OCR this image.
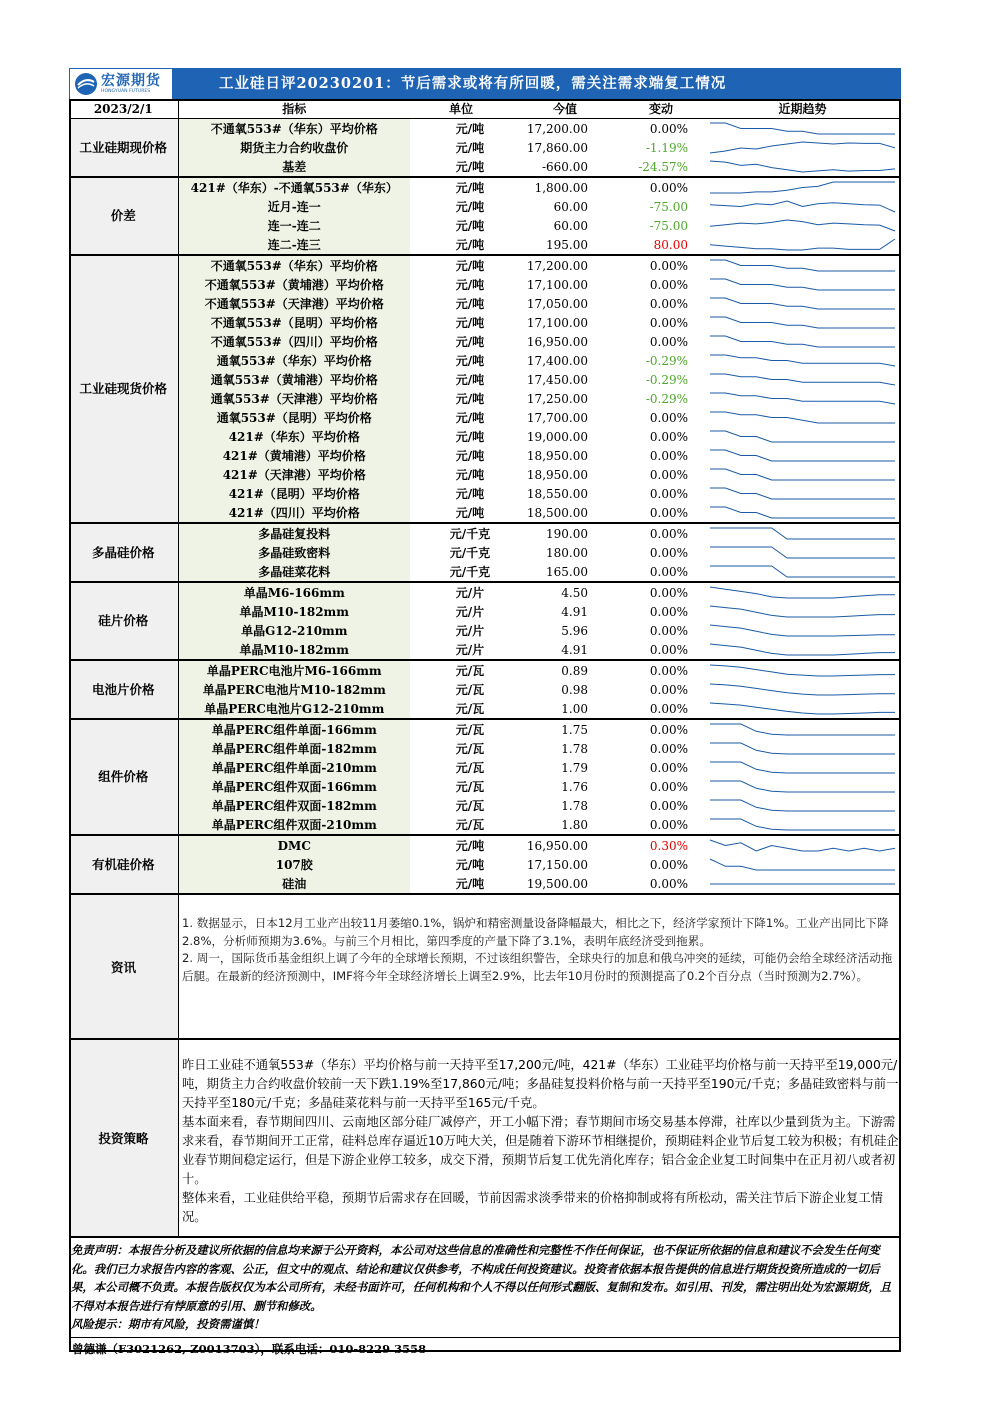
宏源期货
HONGYUAN FUTURES	工业硅日评20230201：节后需求或将有所回暖，需关注需求端复工情况
2023/2/1	指标	单位	今值	变动	近期趋势
工业硅期现价格	不通氧553#（华东）平均价格	元/吨	17,200.00	0.00%	

	期货主力合约收盘价	元/吨	17,860.00	-1.19%	

	基差	元/吨	-660.00	-24.57%	

价差	421#（华东）-不通氧553#（华东）	元/吨	1,800.00	0.00%	

	近月-连一	元/吨	60.00	-75.00	

	连一-连二	元/吨	60.00	-75.00	

	连二-连三	元/吨	195.00	80.00	

工业硅现货价格	不通氧553#（华东）平均价格	元/吨	17,200.00	0.00%	

	不通氧553#（黄埔港）平均价格	元/吨	17,100.00	0.00%	

	不通氧553#（天津港）平均价格	元/吨	17,050.00	0.00%	

	不通氧553#（昆明）平均价格	元/吨	17,100.00	0.00%	

	不通氧553#（四川）平均价格	元/吨	16,950.00	0.00%	

	通氧553#（华东）平均价格	元/吨	17,400.00	-0.29%	

	通氧553#（黄埔港）平均价格	元/吨	17,450.00	-0.29%	

	通氧553#（天津港）平均价格	元/吨	17,250.00	-0.29%	

	通氧553#（昆明）平均价格	元/吨	17,700.00	0.00%	

	421#（华东）平均价格	元/吨	19,000.00	0.00%	

	421#（黄埔港）平均价格	元/吨	18,950.00	0.00%	

	421#（天津港）平均价格	元/吨	18,950.00	0.00%	

	421#（昆明）平均价格	元/吨	18,550.00	0.00%	

	421#（四川）平均价格	元/吨	18,500.00	0.00%	

多晶硅价格	多晶硅复投料	元/千克	190.00	0.00%	

	多晶硅致密料	元/千克	180.00	0.00%	

	多晶硅菜花料	元/千克	165.00	0.00%	

硅片价格	单晶M6-166mm	元/片	4.50	0.00%	

	单晶M10-182mm	元/片	4.91	0.00%	

	单晶G12-210mm	元/片	5.96	0.00%	

	单晶M10-182mm	元/片	4.91	0.00%	

电池片价格	单晶PERC电池片M6-166mm	元/瓦	0.89	0.00%	

	单晶PERC电池片M10-182mm	元/瓦	0.98	0.00%	

	单晶PERC电池片G12-210mm	元/瓦	1.00	0.00%	

组件价格	单晶PERC组件单面-166mm	元/瓦	1.75	0.00%	

	单晶PERC组件单面-182mm	元/瓦	1.78	0.00%	

	单晶PERC组件单面-210mm	元/瓦	1.79	0.00%	

	单晶PERC组件双面-166mm	元/瓦	1.76	0.00%	

	单晶PERC组件双面-182mm	元/瓦	1.78	0.00%	

	单晶PERC组件双面-210mm	元/瓦	1.80	0.00%	

有机硅价格	DMC	元/吨	16,950.00	0.30%	

	107胶	元/吨	17,150.00	0.00%	

	硅油	元/吨	19,500.00	0.00%	
资讯

1. 数据显示，日本12月工业产出较11月萎缩0.1%，锅炉和精密测量设备降幅最大，相比之下，经济学家预计下降1%。工业产出同比下降2.8%，分析师预期为3.6%。与前三个月相比，第四季度的产量下降了3.1%，表明年底经济受到拖累。

2. 周一，国际货币基金组织上调了今年的全球增长预期，不过该组织警告，全球央行的加息和俄乌冲突的延续，可能仍会给全球经济活动拖后腿。在最新的经济预测中，IMF将今年全球经济增长上调至2.9%，比去年10月份时的预测提高了0.2个百分点（当时预测为2.7%）。

投资策略

昨日工业硅不通氧553#（华东）平均价格与前一天持平至17,200元/吨，421#（华东）工业硅平均价格与前一天持平至19,000元/吨，期货主力合约收盘价较前一天下跌1.19%至17,860元/吨；多晶硅复投料价格与前一天持平至190元/千克；多晶硅致密料与前一天持平至180元/千克；多晶硅菜花料与前一天持平至165元/千克。

基本面来看，春节期间四川、云南地区部分硅厂减停产，开工小幅下滑；春节期间市场交易基本停滞，社库以少量到货为主。下游需求来看，春节期间开工正常，硅料总库存逼近10万吨大关，但是随着下游环节相继提价，预期硅料企业节后复工较为积极；有机硅企业春节期间稳定运行，但是下游企业停工较多，成交下滑，预期节后复工优先消化库存；铝合金企业复工时间集中在正月初八或者初十。

整体来看，工业硅供给平稳，预期节后需求存在回暖，节前因需求淡季带来的价格抑制或将有所松动，需关注节后下游企业复工情况。

免责声明：本报告分析及建议所依据的信息均来源于公开资料，本公司对这些信息的准确性和完整性不作任何保证，也不保证所依据的信息和建议不会发生任何变化。我们已力求报告内容的客观、公正，但文中的观点、结论和建议仅供参考，不构成任何投资建议。投资者依据本报告提供的信息进行期货投资所造成的一切后果，本公司概不负责。本报告版权仅为本公司所有，未经书面许可，任何机构和个人不得以任何形式翻版、复制和发布。如引用、刊发，需注明出处为宏源期货，且不得对本报告进行有悖原意的引用、删节和修改。

风险提示：期市有风险，投资需谨慎！

曾德谦（F3021262, Z0013703），联系电话：010-8229 3558
